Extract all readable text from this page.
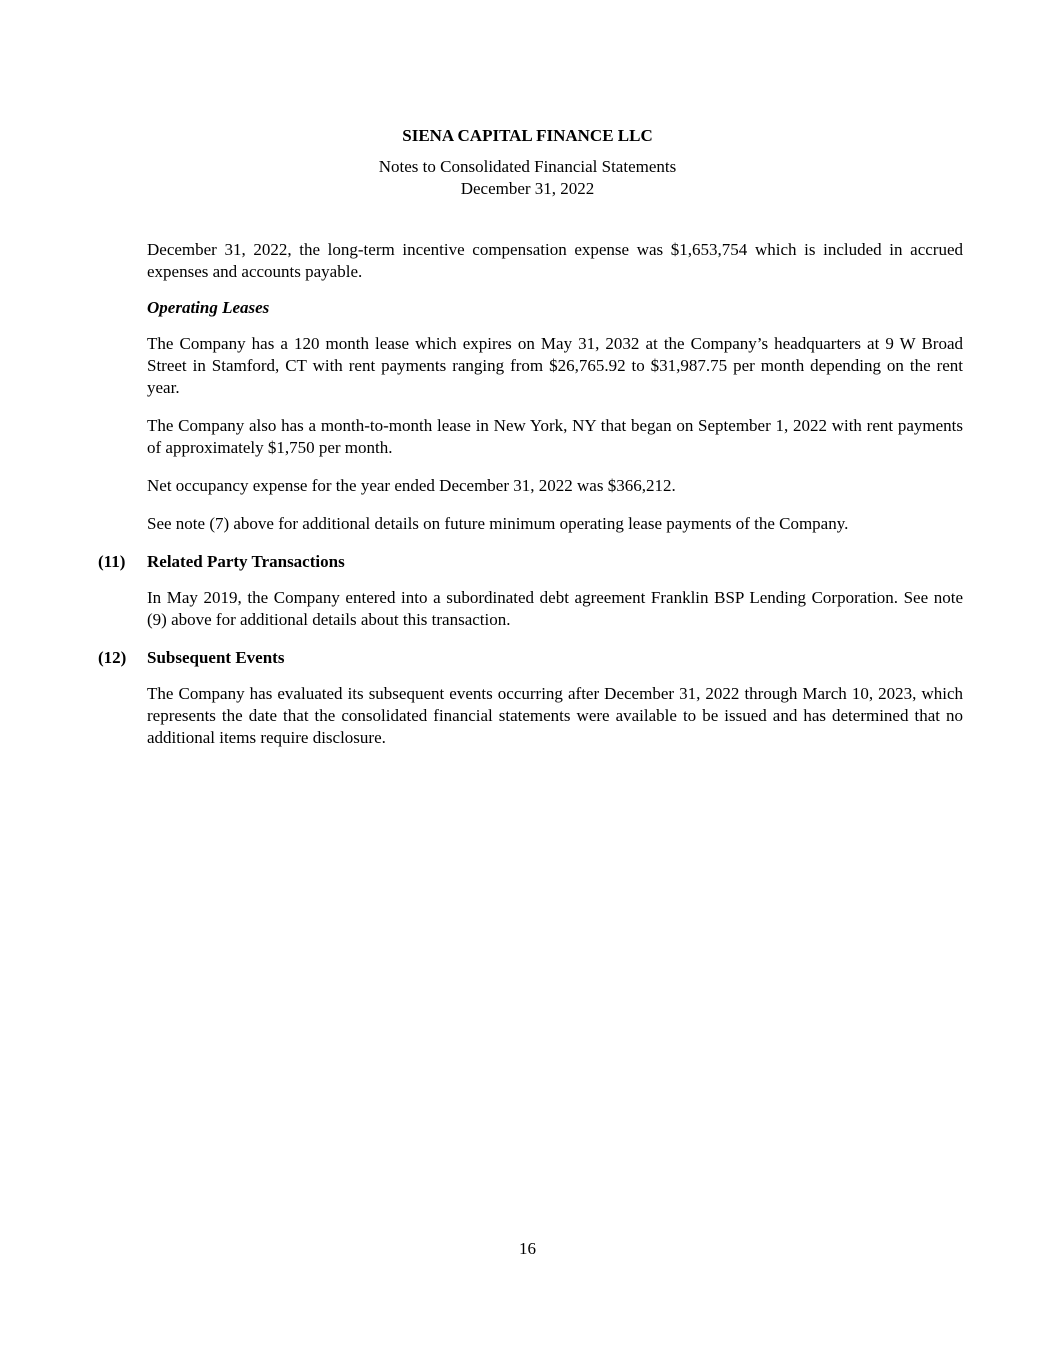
SIENA CAPITAL FINANCE LLC
Notes to Consolidated Financial Statements
December 31, 2022

December 31, 2022, the long-term incentive compensation expense was $1,653,754 which is included in accrued expenses and accounts payable.

Operating Leases

The Company has a 120 month lease which expires on May 31, 2032 at the Company’s headquarters at 9 W Broad Street in Stamford, CT with rent payments ranging from $26,765.92 to $31,987.75 per month depending on the rent year.

The Company also has a month-to-month lease in New York, NY that began on September 1, 2022 with rent payments of approximately $1,750 per month.

Net occupancy expense for the year ended December 31, 2022 was $366,212.

See note (7) above for additional details on future minimum operating lease payments of the Company.

(11) Related Party Transactions

In May 2019, the Company entered into a subordinated debt agreement Franklin BSP Lending Corporation. See note (9) above for additional details about this transaction.

(12) Subsequent Events

The Company has evaluated its subsequent events occurring after December 31, 2022 through March 10, 2023, which represents the date that the consolidated financial statements were available to be issued and has determined that no additional items require disclosure.

16
